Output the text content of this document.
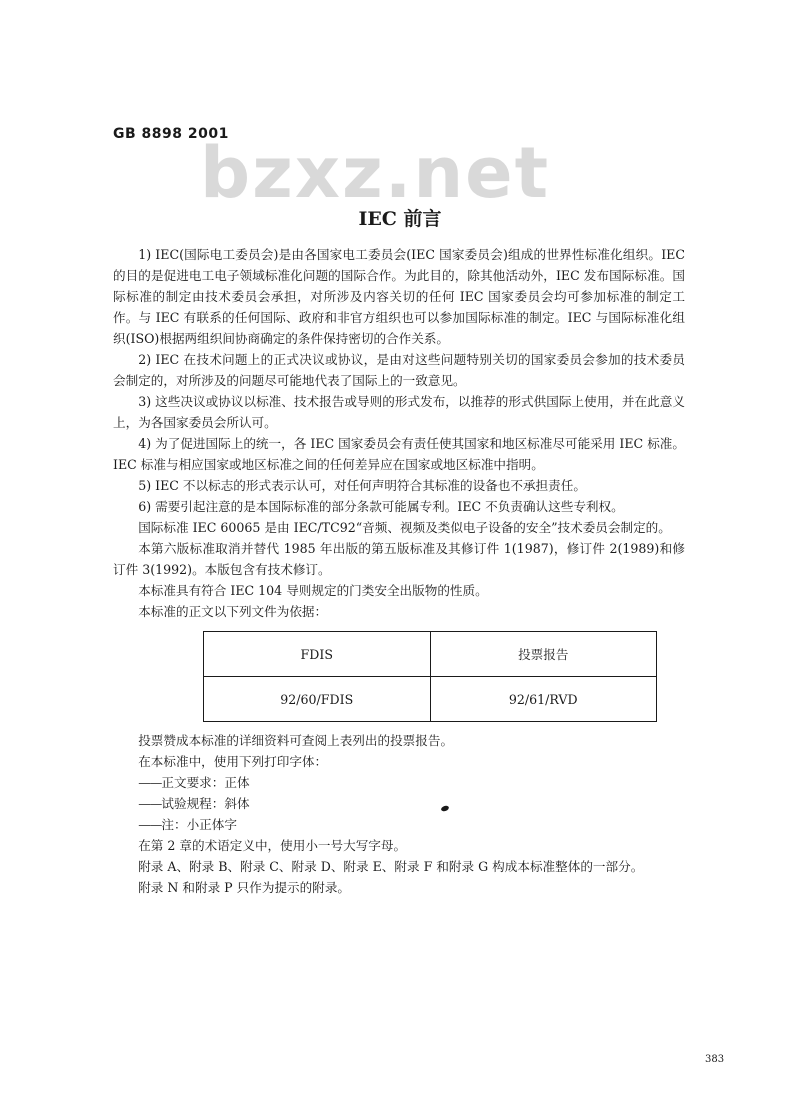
GB 8898 2001
bzxz.net
IEC 前言

1) IEC(国际电工委员会)是由各国家电工委员会(IEC 国家委员会)组成的世界性标准化组织。IEC 的目的是促进电工电子领域标准化问题的国际合作。为此目的，除其他活动外，IEC 发布国际标准。国际标准的制定由技术委员会承担，对所涉及内容关切的任何 IEC 国家委员会均可参加标准的制定工作。与 IEC 有联系的任何国际、政府和非官方组织也可以参加国际标准的制定。IEC 与国际标准化组织(ISO)根据两组织间协商确定的条件保持密切的合作关系。

2) IEC 在技术问题上的正式决议或协议，是由对这些问题特别关切的国家委员会参加的技术委员会制定的，对所涉及的问题尽可能地代表了国际上的一致意见。

3) 这些决议或协议以标准、技术报告或导则的形式发布，以推荐的形式供国际上使用，并在此意义上，为各国家委员会所认可。

4) 为了促进国际上的统一，各 IEC 国家委员会有责任使其国家和地区标准尽可能采用 IEC 标准。IEC 标准与相应国家或地区标准之间的任何差异应在国家或地区标准中指明。

5) IEC 不以标志的形式表示认可，对任何声明符合其标准的设备也不承担责任。

6) 需要引起注意的是本国际标准的部分条款可能属专利。IEC 不负责确认这些专利权。

国际标准 IEC 60065 是由 IEC/TC92“音频、视频及类似电子设备的安全”技术委员会制定的。

本第六版标准取消并替代 1985 年出版的第五版标准及其修订件 1(1987)，修订件 2(1989)和修订件 3(1992)。本版包含有技术修订。

本标准具有符合 IEC 104 导则规定的门类安全出版物的性质。

本标准的正文以下列文件为依据：

FDIS	投票报告
92/60/FDIS	92/61/RVD

投票赞成本标准的详细资料可查阅上表列出的投票报告。

在本标准中，使用下列打印字体：

——正文要求：正体

——试验规程：斜体

——注：小正体字

在第 2 章的术语定义中，使用小一号大写字母。

附录 A、附录 B、附录 C、附录 D、附录 E、附录 F 和附录 G 构成本标准整体的一部分。

附录 N 和附录 P 只作为提示的附录。

383
